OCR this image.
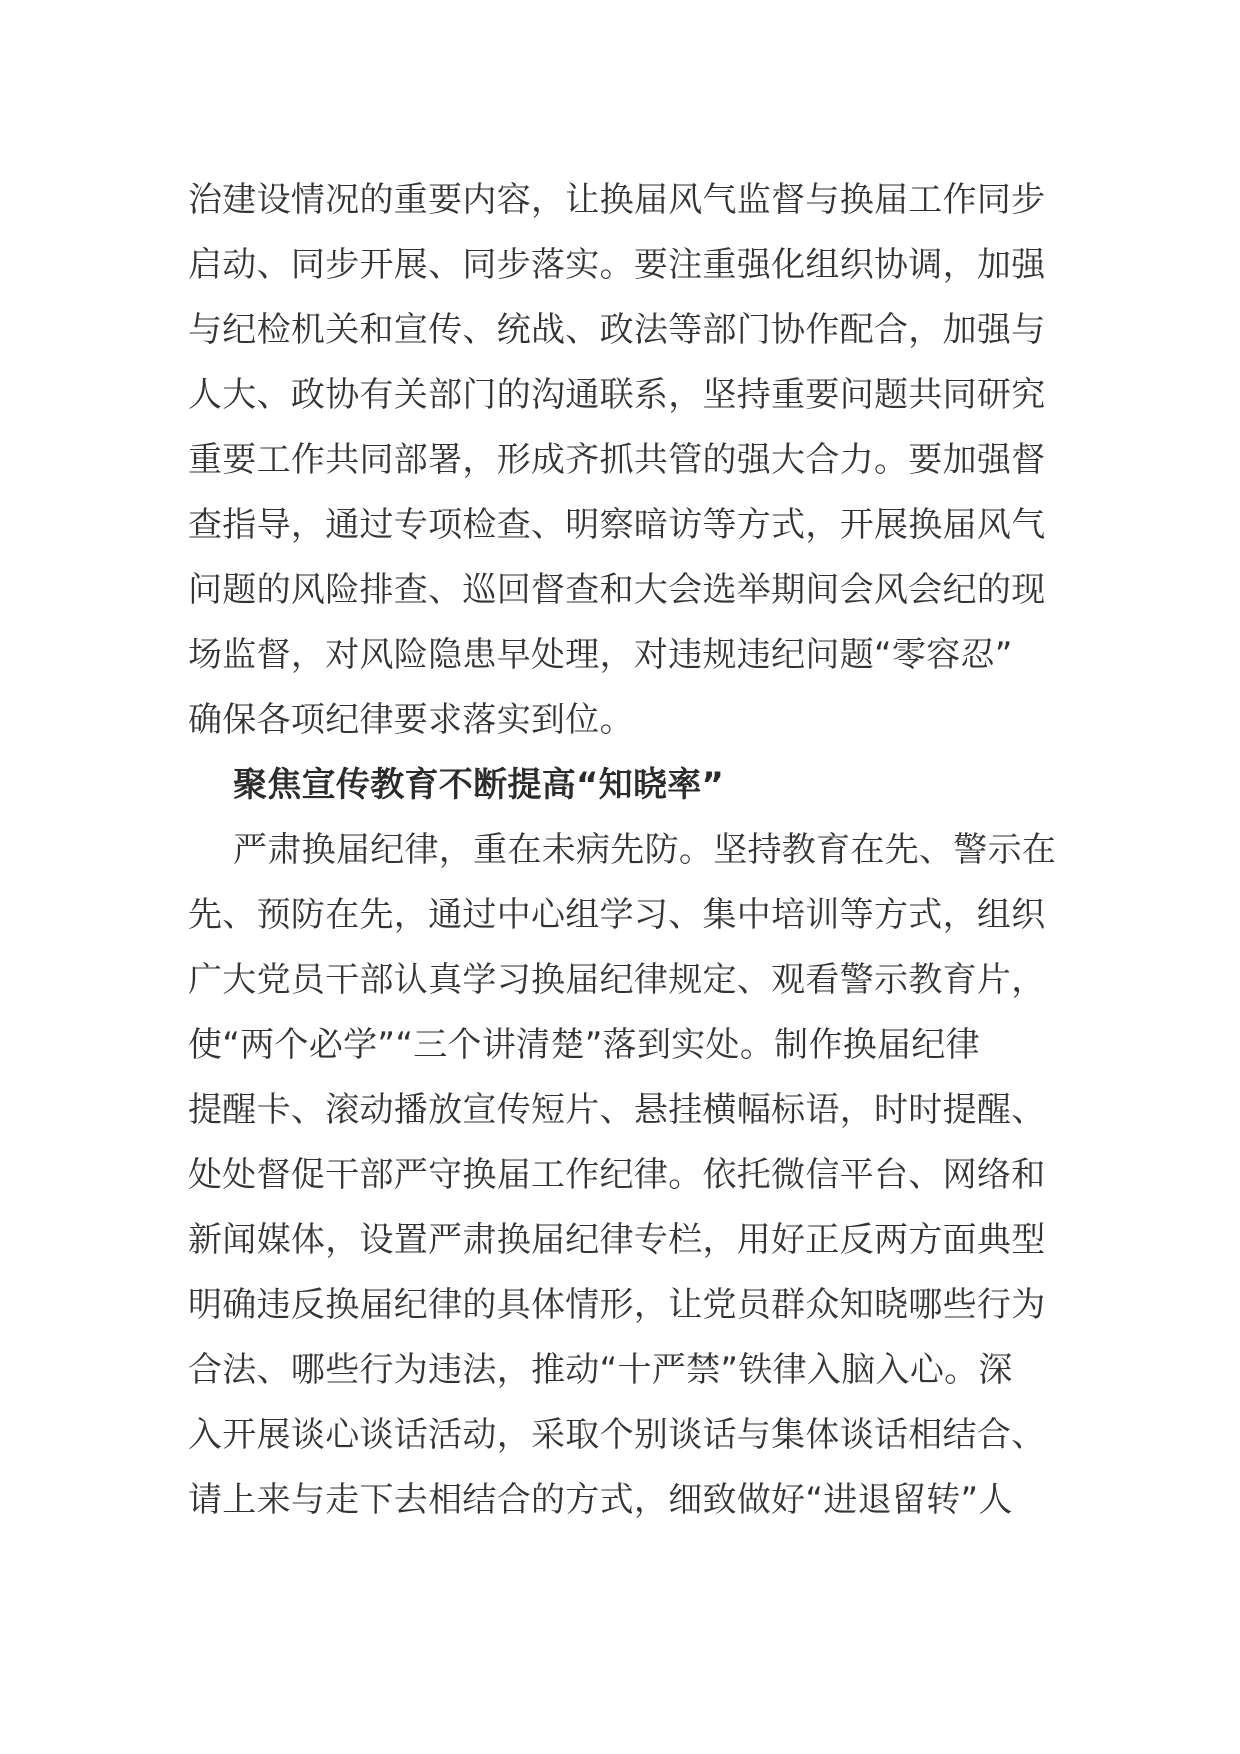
治建设情况的重要内容，让换届风气监督与换届工作同步
启动、同步开展、同步落实。要注重强化组织协调，加强
与纪检机关和宣传、统战、政法等部门协作配合，加强与
人大、政协有关部门的沟通联系，坚持重要问题共同研究
重要工作共同部署，形成齐抓共管的强大合力。要加强督
查指导，通过专项检查、明察暗访等方式，开展换届风气
问题的风险排查、巡回督查和大会选举期间会风会纪的现
场监督，对风险隐患早处理，对违规违纪问题“零容忍”
确保各项纪律要求落实到位。
聚焦宣传教育不断提高“知晓率”
严肃换届纪律，重在未病先防。坚持教育在先、警示在
先、预防在先，通过中心组学习、集中培训等方式，组织
广大党员干部认真学习换届纪律规定、观看警示教育片，
使“两个必学”“三个讲清楚”落到实处。制作换届纪律
提醒卡、滚动播放宣传短片、悬挂横幅标语，时时提醒、
处处督促干部严守换届工作纪律。依托微信平台、网络和
新闻媒体，设置严肃换届纪律专栏，用好正反两方面典型
明确违反换届纪律的具体情形，让党员群众知晓哪些行为
合法、哪些行为违法，推动“十严禁”铁律入脑入心。深
入开展谈心谈话活动，采取个别谈话与集体谈话相结合、
请上来与走下去相结合的方式，细致做好“进退留转”人
